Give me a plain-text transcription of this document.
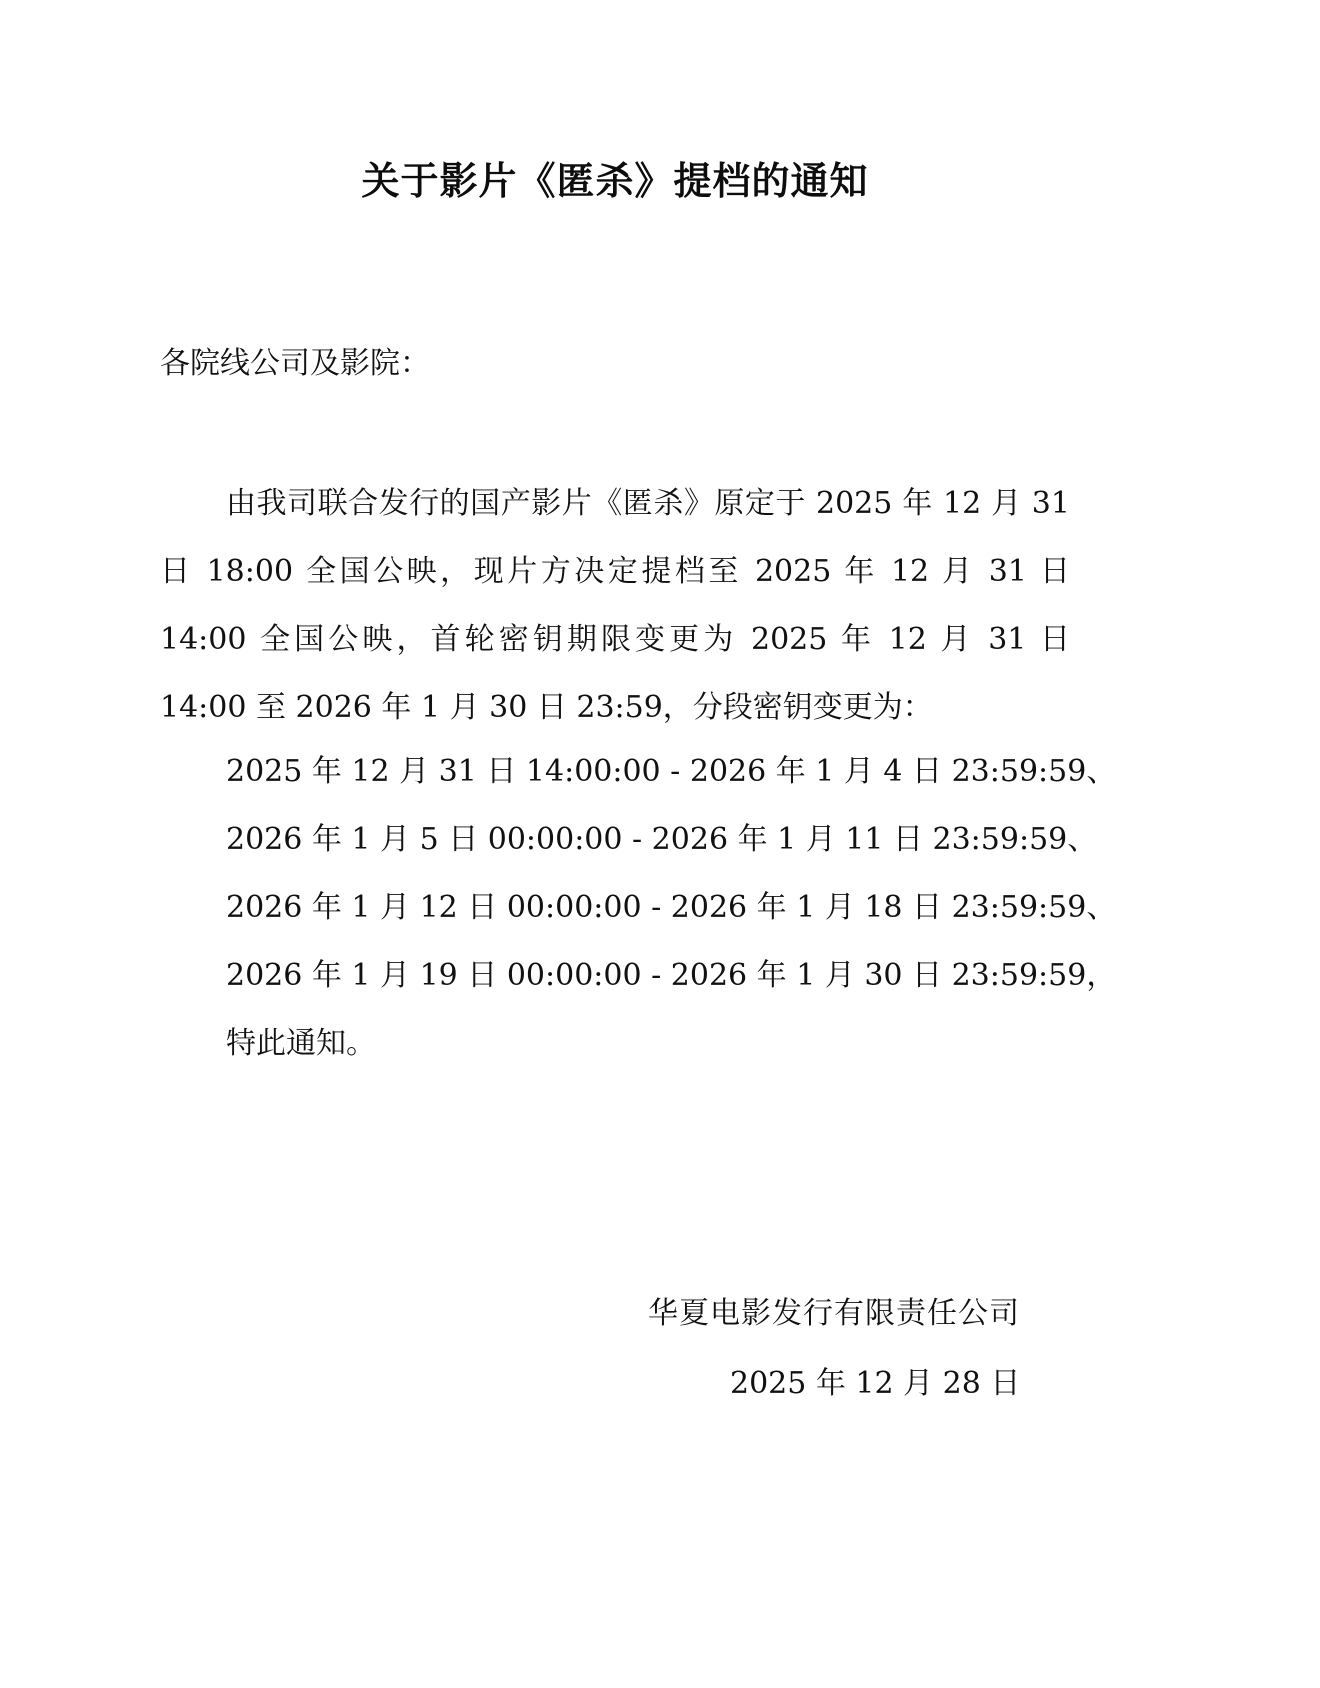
关于影片《匿杀》提档的通知
各院线公司及影院：
由我司联合发行的国产影片《匿杀》原定于 2025 年 12 月 31 日 18:00 全国公映，现片方决定提档至 2025 年 12 月 31 日 14:00 全国公映，首轮密钥期限变更为 2025 年 12 月 31 日 14:00 至 2026 年 1 月 30 日 23:59，分段密钥变更为：
2025 年 12 月 31 日 14:00:00 - 2026 年 1 月 4 日 23:59:59、
2026 年 1 月 5 日 00:00:00 - 2026 年 1 月 11 日 23:59:59、
2026 年 1 月 12 日 00:00:00 - 2026 年 1 月 18 日 23:59:59、
2026 年 1 月 19 日 00:00:00 - 2026 年 1 月 30 日 23:59:59，
特此通知。
华夏电影发行有限责任公司
2025 年 12 月 28 日
